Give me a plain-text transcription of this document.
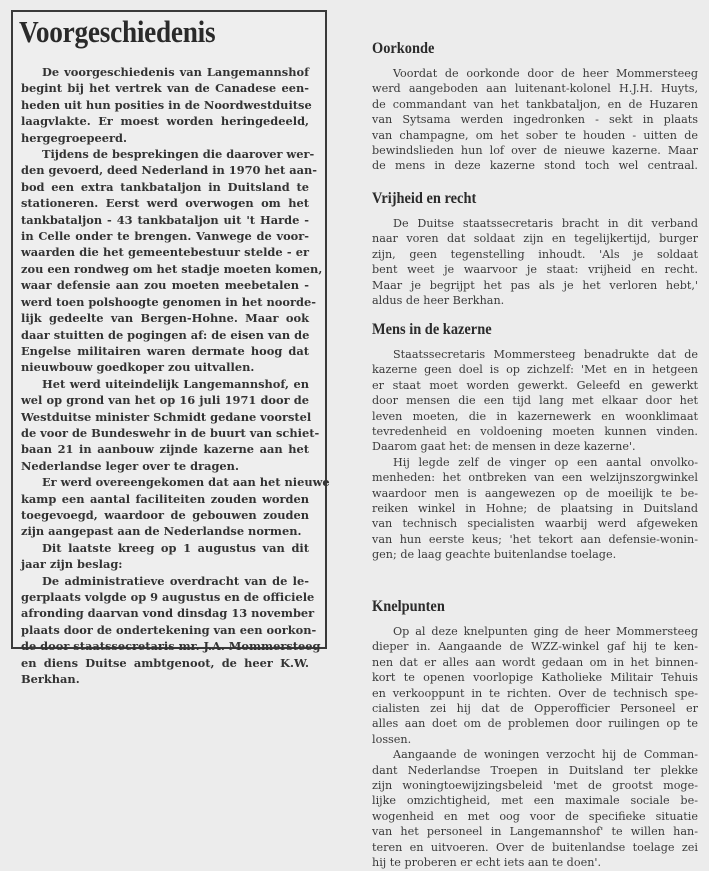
Voorgeschiedenis
De voorgeschiedenis van Langemannshof
begint bij het vertrek van de Canadese een-
heden uit hun posities in de Noordwestduitse
laagvlakte. Er moest worden heringedeeld,
hergegroepeerd.
Tijdens de besprekingen die daarover wer-
den gevoerd, deed Nederland in 1970 het aan-
bod een extra tankbataljon in Duitsland te
stationeren. Eerst werd overwogen om het
tankbataljon - 43 tankbataljon uit 't Harde -
in Celle onder te brengen. Vanwege de voor-
waarden die het gemeentebestuur stelde - er
zou een rondweg om het stadje moeten komen,
waar defensie aan zou moeten meebetalen -
werd toen polshoogte genomen in het noorde-
lijk gedeelte van Bergen-Hohne. Maar ook
daar stuitten de pogingen af: de eisen van de
Engelse militairen waren dermate hoog dat
nieuwbouw goedkoper zou uitvallen.
Het werd uiteindelijk Langemannshof, en
wel op grond van het op 16 juli 1971 door de
Westduitse minister Schmidt gedane voorstel
de voor de Bundeswehr in de buurt van schiet-
baan 21 in aanbouw zijnde kazerne aan het
Nederlandse leger over te dragen.
Er werd overeengekomen dat aan het nieuwe
kamp een aantal faciliteiten zouden worden
toegevoegd, waardoor de gebouwen zouden
zijn aangepast aan de Nederlandse normen.
Dit laatste kreeg op 1 augustus van dit
jaar zijn beslag:
De administratieve overdracht van de le-
gerplaats volgde op 9 augustus en de officiele
afronding daarvan vond dinsdag 13 november
plaats door de ondertekening van een oorkon-
de door staatssecretaris mr. J.A. Mommersteeg
en diens Duitse ambtgenoot, de heer K.W.
Berkhan.
Oorkonde
Voordat de oorkonde door de heer Mommersteeg
werd aangeboden aan luitenant-kolonel H.J.H. Huyts,
de commandant van het tankbataljon, en de Huzaren
van Sytsama werden ingedronken - sekt in plaats
van champagne, om het sober te houden - uitten de
bewindslieden hun lof over de nieuwe kazerne. Maar
de mens in deze kazerne stond toch wel centraal.
Vrijheid en recht
De Duitse staatssecretaris bracht in dit verband
naar voren dat soldaat zijn en tegelijkertijd, burger
zijn, geen tegenstelling inhoudt. 'Als je soldaat
bent weet je waarvoor je staat: vrijheid en recht.
Maar je begrijpt het pas als je het verloren hebt,'
aldus de heer Berkhan.
Mens in de kazerne
Staatssecretaris Mommersteeg benadrukte dat de
kazerne geen doel is op zichzelf: 'Met en in hetgeen
er staat moet worden gewerkt. Geleefd en gewerkt
door mensen die een tijd lang met elkaar door het
leven moeten, die in kazernewerk en woonklimaat
tevredenheid en voldoening moeten kunnen vinden.
Daarom gaat het: de mensen in deze kazerne'.
Hij legde zelf de vinger op een aantal onvolko-
menheden: het ontbreken van een welzijnszorgwinkel
waardoor men is aangewezen op de moeilijk te be-
reiken winkel in Hohne; de plaatsing in Duitsland
van technisch specialisten waarbij werd afgeweken
van hun eerste keus; 'het tekort aan defensie-wonin-
gen; de laag geachte buitenlandse toelage.
Knelpunten
Op al deze knelpunten ging de heer Mommersteeg
dieper in. Aangaande de WZZ-winkel gaf hij te ken-
nen dat er alles aan wordt gedaan om in het binnen-
kort te openen voorlopige Katholieke Militair Tehuis
en verkooppunt in te richten. Over de technisch spe-
cialisten zei hij dat de Opperofficier Personeel er
alles aan doet om de problemen door ruilingen op te
lossen.
Aangaande de woningen verzocht hij de Comman-
dant Nederlandse Troepen in Duitsland ter plekke
zijn woningtoewijzingsbeleid 'met de grootst moge-
lijke omzichtigheid, met een maximale sociale be-
wogenheid en met oog voor de specifieke situatie
van het personeel in Langemannshof' te willen han-
teren en uitvoeren. Over de buitenlandse toelage zei
hij te proberen er echt iets aan te doen'.
